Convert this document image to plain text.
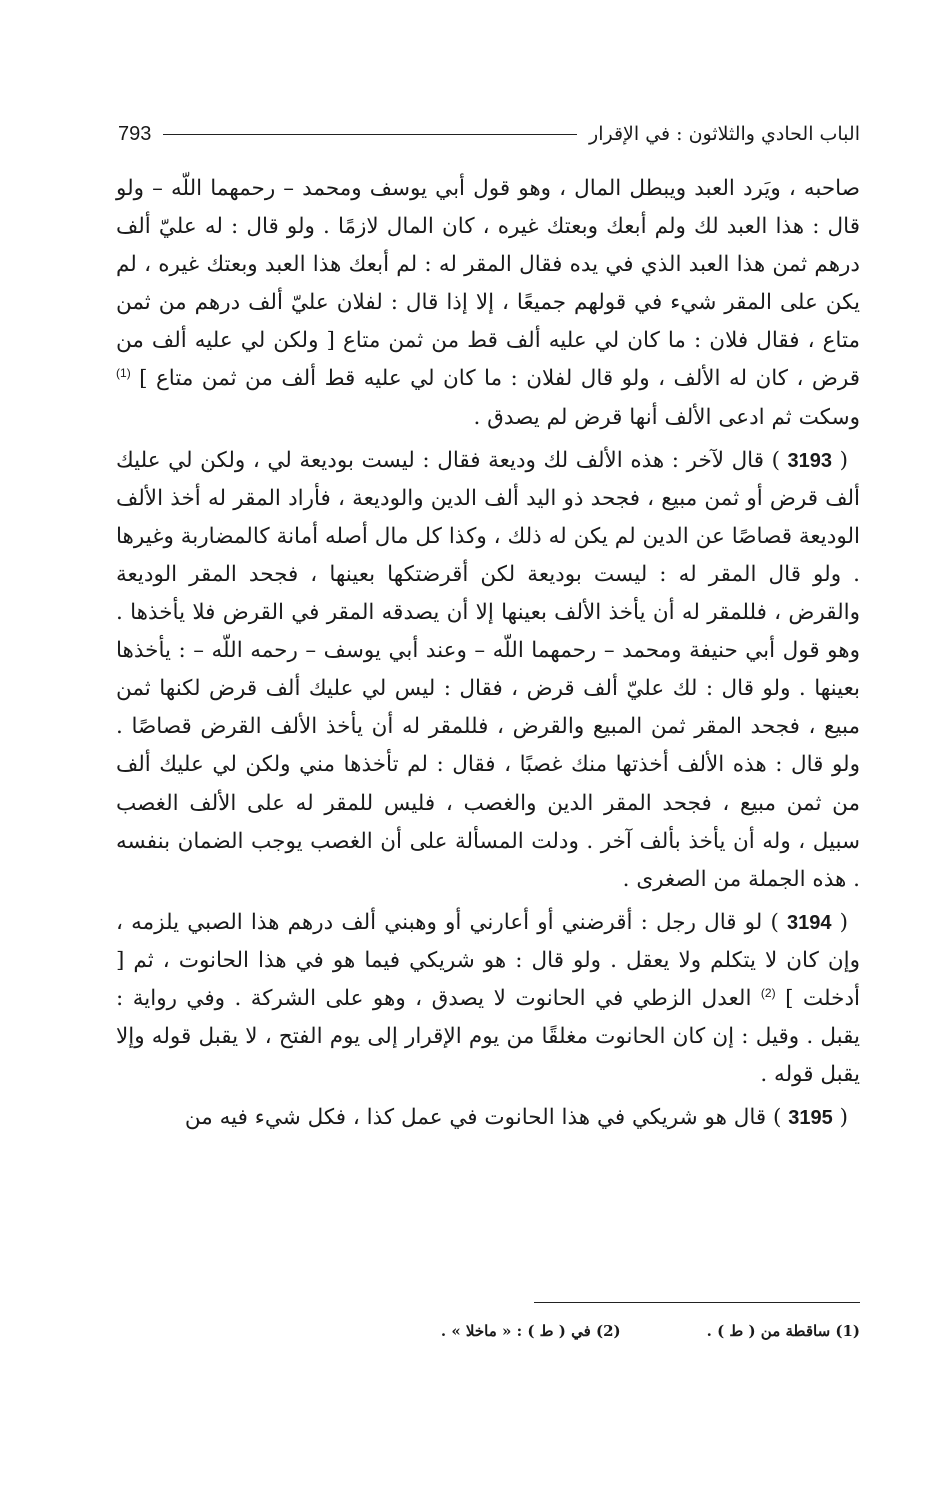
الباب الحادي والثلاثون : في الإقرار
793

صاحبه ، ويَرد العبد ويبطل المال ، وهو قول أبي يوسف ومحمد – رحمهما اللّه – ولو قال : هذا العبد لك ولم أبعك وبعتك غيره ، كان المال لازمًا . ولو قال : له عليّ ألف درهم ثمن هذا العبد الذي في يده فقال المقر له : لم أبعك هذا العبد وبعتك غيره ، لم يكن على المقر شيء في قولهم جميعًا ، إلا إذا قال : لفلان عليّ ألف درهم من ثمن متاع ، فقال فلان : ما كان لي عليه ألف قط من ثمن متاع [ ولكن لي عليه ألف من قرض ، كان له الألف ، ولو قال لفلان : ما كان لي عليه قط ألف من ثمن متاع ] $^{(1)}$ وسكت ثم ادعى الألف أنها قرض لم يصدق .

( 3193 ) قال لآخر : هذه الألف لك وديعة فقال : ليست بوديعة لي ، ولكن لي عليك ألف قرض أو ثمن مبيع ، فجحد ذو اليد ألف الدين والوديعة ، فأراد المقر له أخذ الألف الوديعة قصاصًا عن الدين لم يكن له ذلك ، وكذا كل مال أصله أمانة كالمضاربة وغيرها . ولو قال المقر له : ليست بوديعة لكن أقرضتكها بعينها ، فجحد المقر الوديعة والقرض ، فللمقر له أن يأخذ الألف بعينها إلا أن يصدقه المقر في القرض فلا يأخذها . وهو قول أبي حنيفة ومحمد – رحمهما اللّه – وعند أبي يوسف – رحمه اللّه – : يأخذها بعينها . ولو قال : لك عليّ ألف قرض ، فقال : ليس لي عليك ألف قرض لكنها ثمن مبيع ، فجحد المقر ثمن المبيع والقرض ، فللمقر له أن يأخذ الألف القرض قصاصًا . ولو قال : هذه الألف أخذتها منك غصبًا ، فقال : لم تأخذها مني ولكن لي عليك ألف من ثمن مبيع ، فجحد المقر الدين والغصب ، فليس للمقر له على الألف الغصب سبيل ، وله أن يأخذ بألف آخر . ودلت المسألة على أن الغصب يوجب الضمان بنفسه . هذه الجملة من الصغرى .

( 3194 ) لو قال رجل : أقرضني أو أعارني أو وهبني ألف درهم هذا الصبي يلزمه ، وإن كان لا يتكلم ولا يعقل . ولو قال : هو شريكي فيما هو في هذا الحانوت ، ثم [ أدخلت ] $^{(2)}$ العدل الزطي في الحانوت لا يصدق ، وهو على الشركة . وفي رواية : يقبل . وقيل : إن كان الحانوت مغلقًا من يوم الإقرار إلى يوم الفتح ، لا يقبل قوله وإلا يقبل قوله .

( 3195 ) قال هو شريكي في هذا الحانوت في عمل كذا ، فكل شيء فيه من

(1) ساقطة من ( ط ) .
(2) في ( ط ) : « ماخلا » .
